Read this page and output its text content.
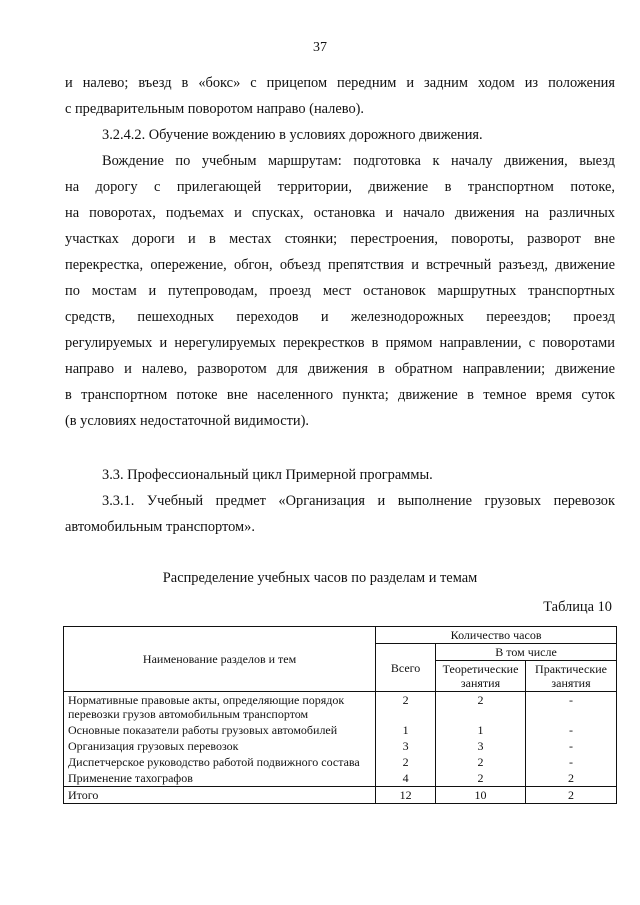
37
и налево; въезд в «бокс» с прицепом передним и задним ходом из положения
с предварительным поворотом направо (налево).
3.2.4.2. Обучение вождению в условиях дорожного движения.
Вождение по учебным маршрутам: подготовка к началу движения, выезд
на дорогу с прилегающей территории, движение в транспортном потоке,
на поворотах, подъемах и спусках, остановка и начало движения на различных
участках дороги и в местах стоянки; перестроения, повороты, разворот вне
перекрестка, опережение, обгон, объезд препятствия и встречный разъезд, движение
по мостам и путепроводам, проезд мест остановок маршрутных транспортных
средств, пешеходных переходов и железнодорожных переездов; проезд
регулируемых и нерегулируемых перекрестков в прямом направлении, с поворотами
направо и налево, разворотом для движения в обратном направлении; движение
в транспортном потоке вне населенного пункта; движение в темное время суток
(в условиях недостаточной видимости).
3.3. Профессиональный цикл Примерной программы.
3.3.1. Учебный предмет «Организация и выполнение грузовых перевозок
автомобильным транспортом».
Распределение учебных часов по разделам и темам
Таблица 10
Наименование разделов и тем	Количество часов		
	Всего	В том числе	
		Теоретические занятия	Практические занятия
Нормативные правовые акты, определяющие порядок перевозки грузов автомобильным транспортом	2	2	-
Основные показатели работы грузовых автомобилей	1	1	-
Организация грузовых перевозок	3	3	-
Диспетчерское руководство работой подвижного состава	2	2	-
Применение тахографов	4	2	2
Итого	12	10	2
